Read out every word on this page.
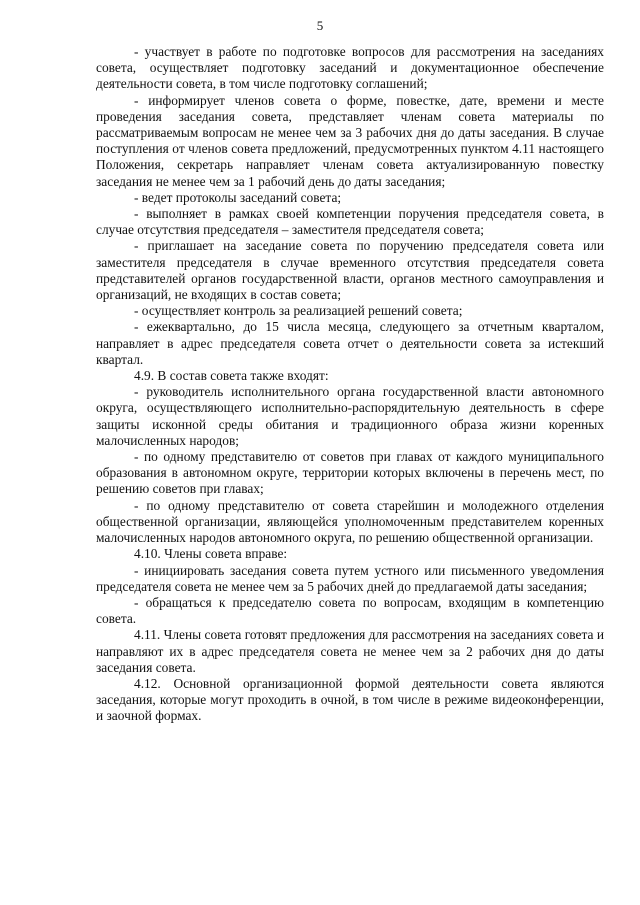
5

- участвует в работе по подготовке вопросов для рассмотрения на заседаниях совета, осуществляет подготовку заседаний и документационное обеспечение деятельности совета, в том числе подготовку соглашений;

- информирует членов совета о форме, повестке, дате, времени и месте проведения заседания совета, представляет членам совета материалы по рассматриваемым вопросам не менее чем за 3 рабочих дня до даты заседания. В случае поступления от членов совета предложений, предусмотренных пунктом 4.11 настоящего Положения, секретарь направляет членам совета актуализированную повестку заседания не менее чем за 1 рабочий день до даты заседания;

- ведет протоколы заседаний совета;

- выполняет в рамках своей компетенции поручения председателя совета, в случае отсутствия председателя – заместителя председателя совета;

- приглашает на заседание совета по поручению председателя совета или заместителя председателя в случае временного отсутствия председателя совета представителей органов государственной власти, органов местного самоуправления и организаций, не входящих в состав совета;

- осуществляет контроль за реализацией решений совета;

- ежеквартально, до 15 числа месяца, следующего за отчетным кварталом, направляет в адрес председателя совета отчет о деятельности совета за истекший квартал.

4.9. В состав совета также входят:

- руководитель исполнительного органа государственной власти автономного округа, осуществляющего исполнительно-распорядительную деятельность в сфере защиты исконной среды обитания и традиционного образа жизни коренных малочисленных народов;

- по одному представителю от советов при главах от каждого муниципального образования в автономном округе, территории которых включены в перечень мест, по решению советов при главах;

- по одному представителю от совета старейшин и молодежного отделения общественной организации, являющейся уполномоченным представителем коренных малочисленных народов автономного округа, по решению общественной организации.

4.10. Члены совета вправе:

- инициировать заседания совета путем устного или письменного уведомления председателя совета не менее чем за 5 рабочих дней до предлагаемой даты заседания;

- обращаться к председателю совета по вопросам, входящим в компетенцию совета.

4.11. Члены совета готовят предложения для рассмотрения на заседаниях совета и направляют их в адрес председателя совета не менее чем за 2 рабочих дня до даты заседания совета.

4.12. Основной организационной формой деятельности совета являются заседания, которые могут проходить в очной, в том числе в режиме видеоконференции, и заочной формах.
